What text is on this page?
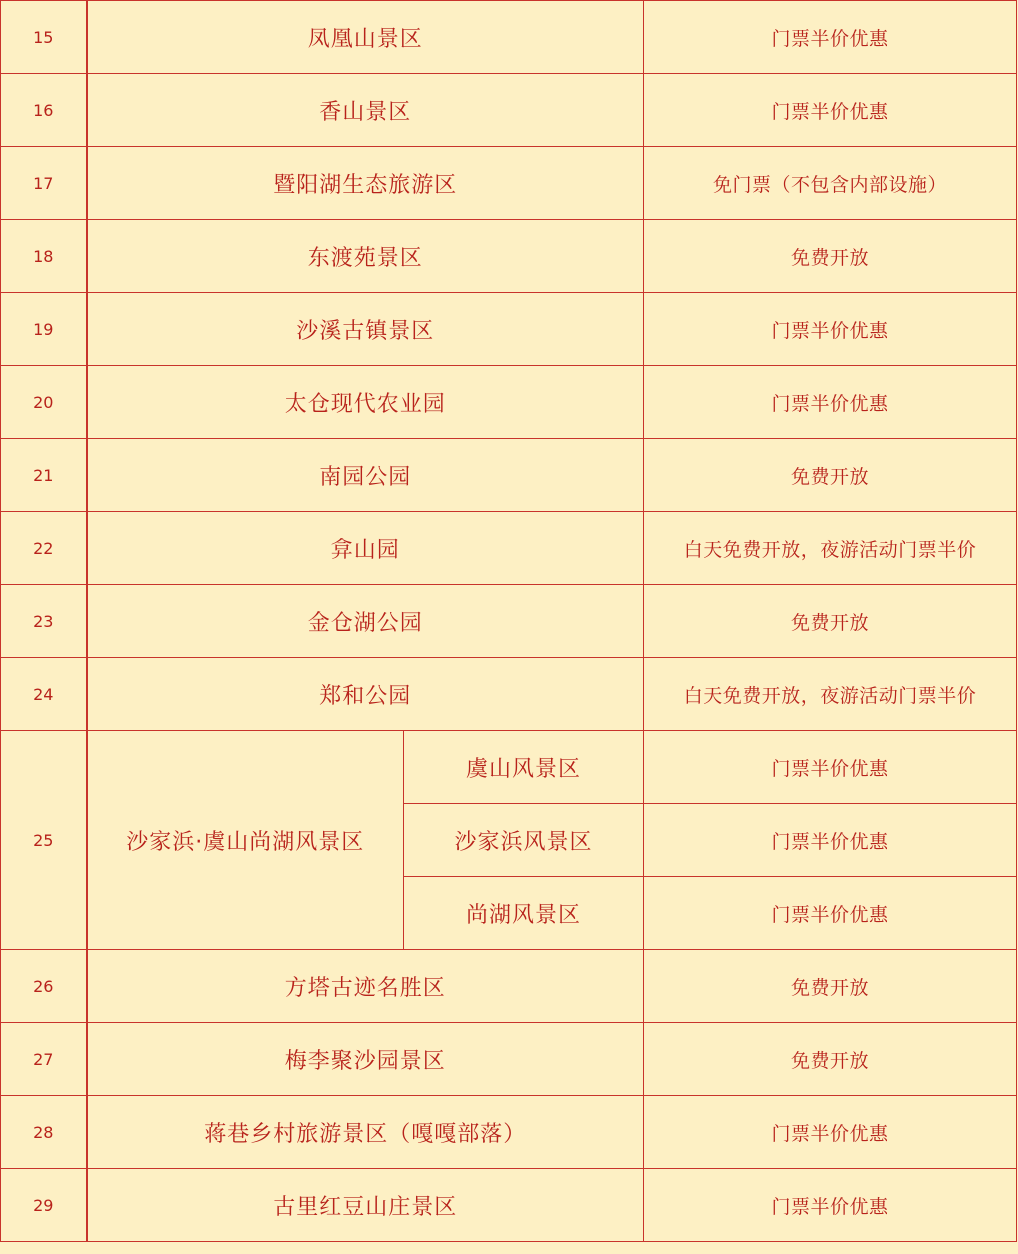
15	凤凰山景区		门票半价优惠
16	香山景区		门票半价优惠
17	暨阳湖生态旅游区		免门票（不包含内部设施）
18	东渡苑景区		免费开放
19	沙溪古镇景区		门票半价优惠
20	太仓现代农业园		门票半价优惠
21	南园公园		免费开放
22	弇山园		白天免费开放，夜游活动门票半价
23	金仓湖公园		免费开放
24	郑和公园		白天免费开放，夜游活动门票半价
25	沙家浜·虞山尚湖风景区	虞山风景区	门票半价优惠
		沙家浜风景区	门票半价优惠
		尚湖风景区	门票半价优惠
26	方塔古迹名胜区		免费开放
27	梅李聚沙园景区		免费开放
28	蒋巷乡村旅游景区（嘎嘎部落）		门票半价优惠
29	古里红豆山庄景区		门票半价优惠
